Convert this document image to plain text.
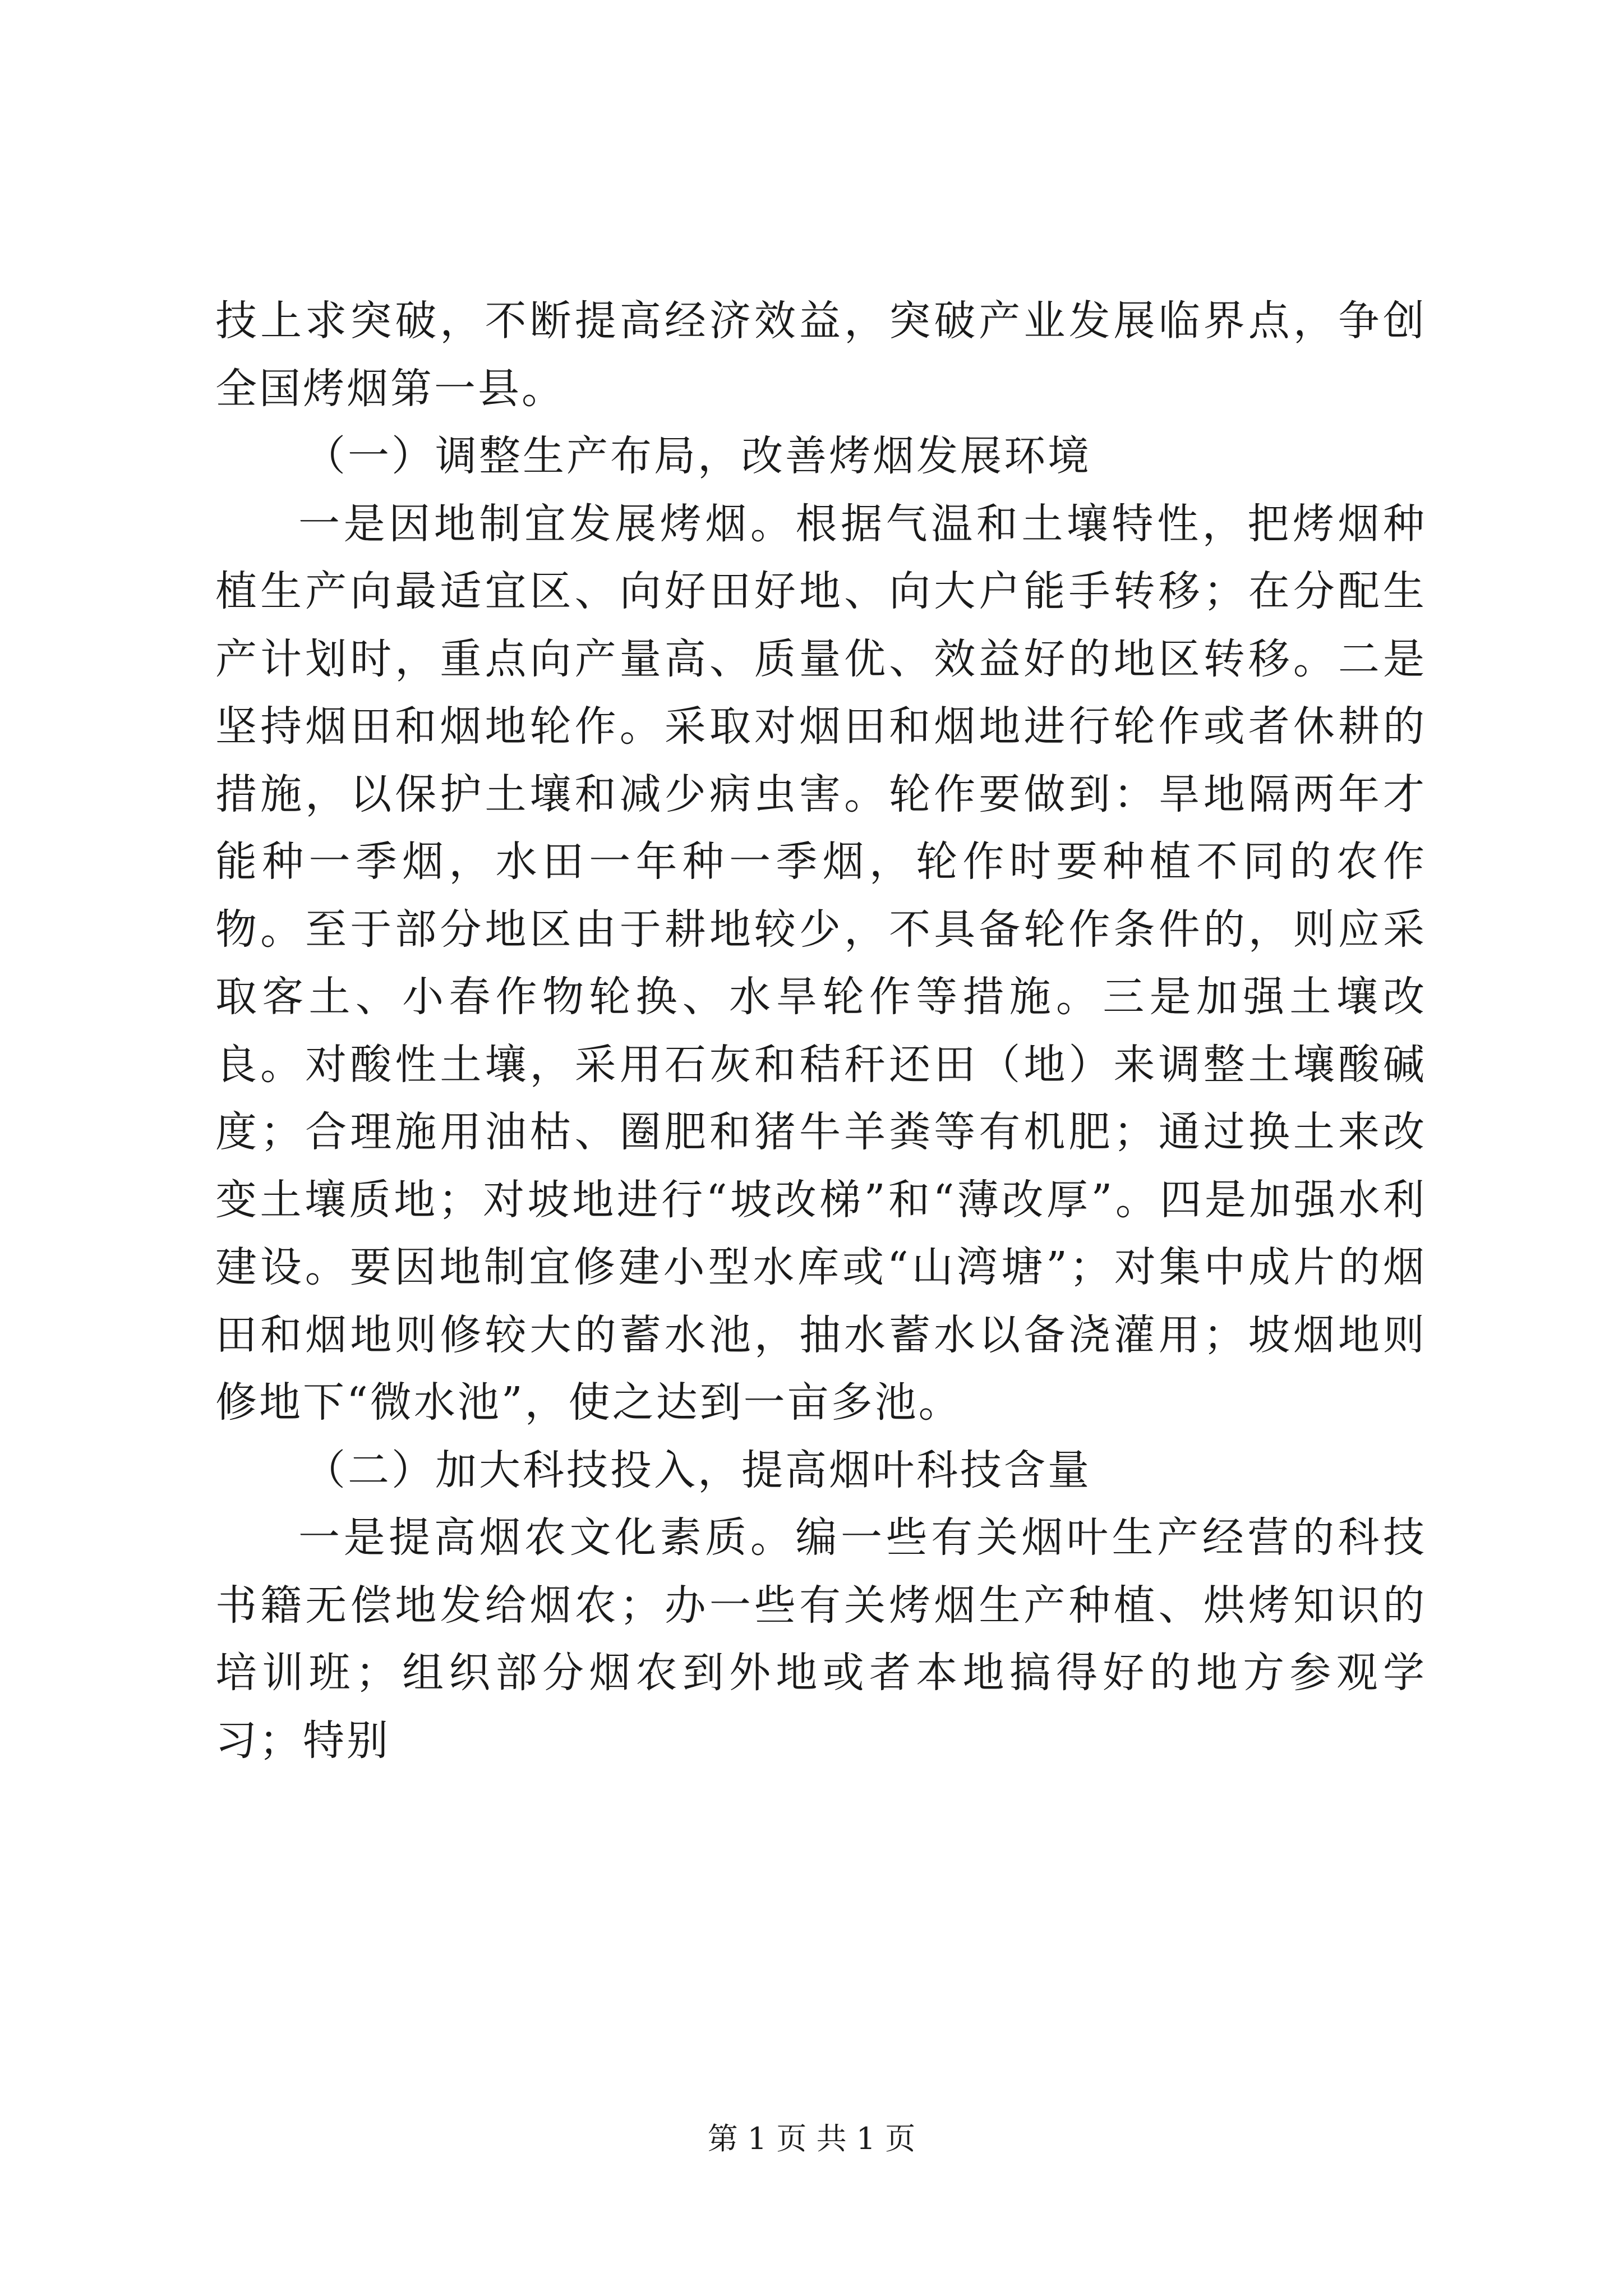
技上求突破，不断提高经济效益，突破产业发展临界点，争创全国烤烟第一县。

（一）调整生产布局，改善烤烟发展环境

一是因地制宜发展烤烟。根据气温和土壤特性，把烤烟种植生产向最适宜区、向好田好地、向大户能手转移；在分配生产计划时，重点向产量高、质量优、效益好的地区转移。二是坚持烟田和烟地轮作。采取对烟田和烟地进行轮作或者休耕的措施，以保护土壤和减少病虫害。轮作要做到：旱地隔两年才能种一季烟，水田一年种一季烟，轮作时要种植不同的农作物。至于部分地区由于耕地较少，不具备轮作条件的，则应采取客土、小春作物轮换、水旱轮作等措施。三是加强土壤改良。对酸性土壤，采用石灰和秸秆还田（地）来调整土壤酸碱度；合理施用油枯、圈肥和猪牛羊粪等有机肥；通过换土来改变土壤质地；对坡地进行“坡改梯”和“薄改厚”。四是加强水利建设。要因地制宜修建小型水库或“山湾塘”；对集中成片的烟田和烟地则修较大的蓄水池，抽水蓄水以备浇灌用；坡烟地则修地下“微水池”，使之达到一亩多池。

（二）加大科技投入，提高烟叶科技含量

一是提高烟农文化素质。编一些有关烟叶生产经营的科技书籍无偿地发给烟农；办一些有关烤烟生产种植、烘烤知识的培训班；组织部分烟农到外地或者本地搞得好的地方参观学习；特别

第 1 页 共 1 页
